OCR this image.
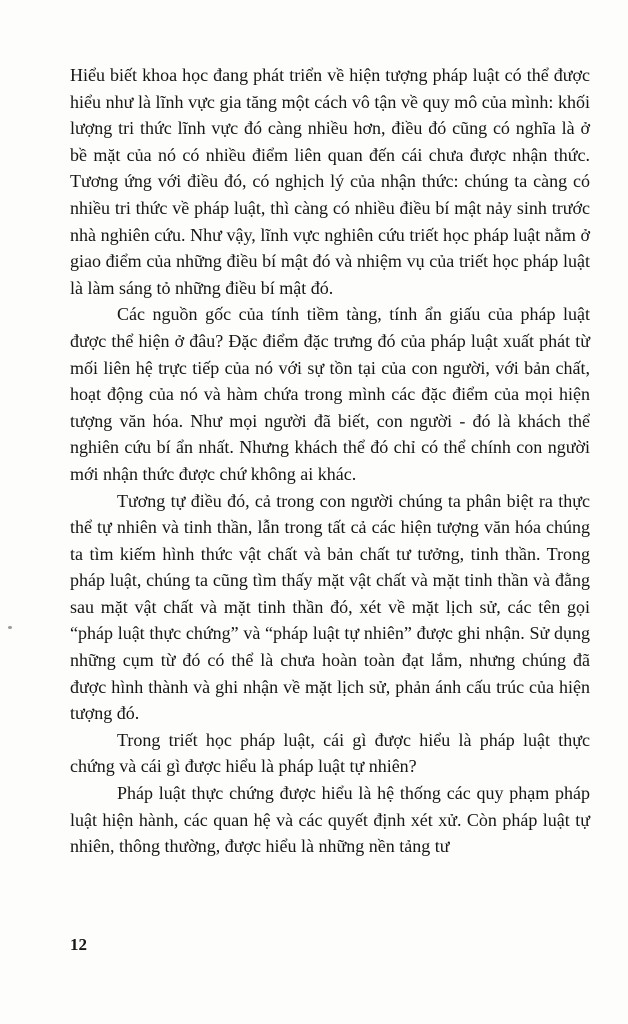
Hiểu biết khoa học đang phát triển về hiện tượng pháp luật có thể được hiểu như là lĩnh vực gia tăng một cách vô tận về quy mô của mình: khối lượng tri thức lĩnh vực đó càng nhiều hơn, điều đó cũng có nghĩa là ở bề mặt của nó có nhiều điểm liên quan đến cái chưa được nhận thức. Tương ứng với điều đó, có nghịch lý của nhận thức: chúng ta càng có nhiều tri thức về pháp luật, thì càng có nhiều điều bí mật nảy sinh trước nhà nghiên cứu. Như vậy, lĩnh vực nghiên cứu triết học pháp luật nằm ở giao điểm của những điều bí mật đó và nhiệm vụ của triết học pháp luật là làm sáng tỏ những điều bí mật đó.

Các nguồn gốc của tính tiềm tàng, tính ẩn giấu của pháp luật được thể hiện ở đâu? Đặc điểm đặc trưng đó của pháp luật xuất phát từ mối liên hệ trực tiếp của nó với sự tồn tại của con người, với bản chất, hoạt động của nó và hàm chứa trong mình các đặc điểm của mọi hiện tượng văn hóa. Như mọi người đã biết, con người - đó là khách thể nghiên cứu bí ẩn nhất. Nhưng khách thể đó chỉ có thể chính con người mới nhận thức được chứ không ai khác.

Tương tự điều đó, cả trong con người chúng ta phân biệt ra thực thể tự nhiên và tinh thần, lẫn trong tất cả các hiện tượng văn hóa chúng ta tìm kiếm hình thức vật chất và bản chất tư tưởng, tinh thần. Trong pháp luật, chúng ta cũng tìm thấy mặt vật chất và mặt tinh thần và đằng sau mặt vật chất và mặt tinh thần đó, xét về mặt lịch sử, các tên gọi “pháp luật thực chứng” và “pháp luật tự nhiên” được ghi nhận. Sử dụng những cụm từ đó có thể là chưa hoàn toàn đạt lắm, nhưng chúng đã được hình thành và ghi nhận về mặt lịch sử, phản ánh cấu trúc của hiện tượng đó.

Trong triết học pháp luật, cái gì được hiểu là pháp luật thực chứng và cái gì được hiểu là pháp luật tự nhiên?

Pháp luật thực chứng được hiểu là hệ thống các quy phạm pháp luật hiện hành, các quan hệ và các quyết định xét xử. Còn pháp luật tự nhiên, thông thường, được hiểu là những nền tảng tư

12
